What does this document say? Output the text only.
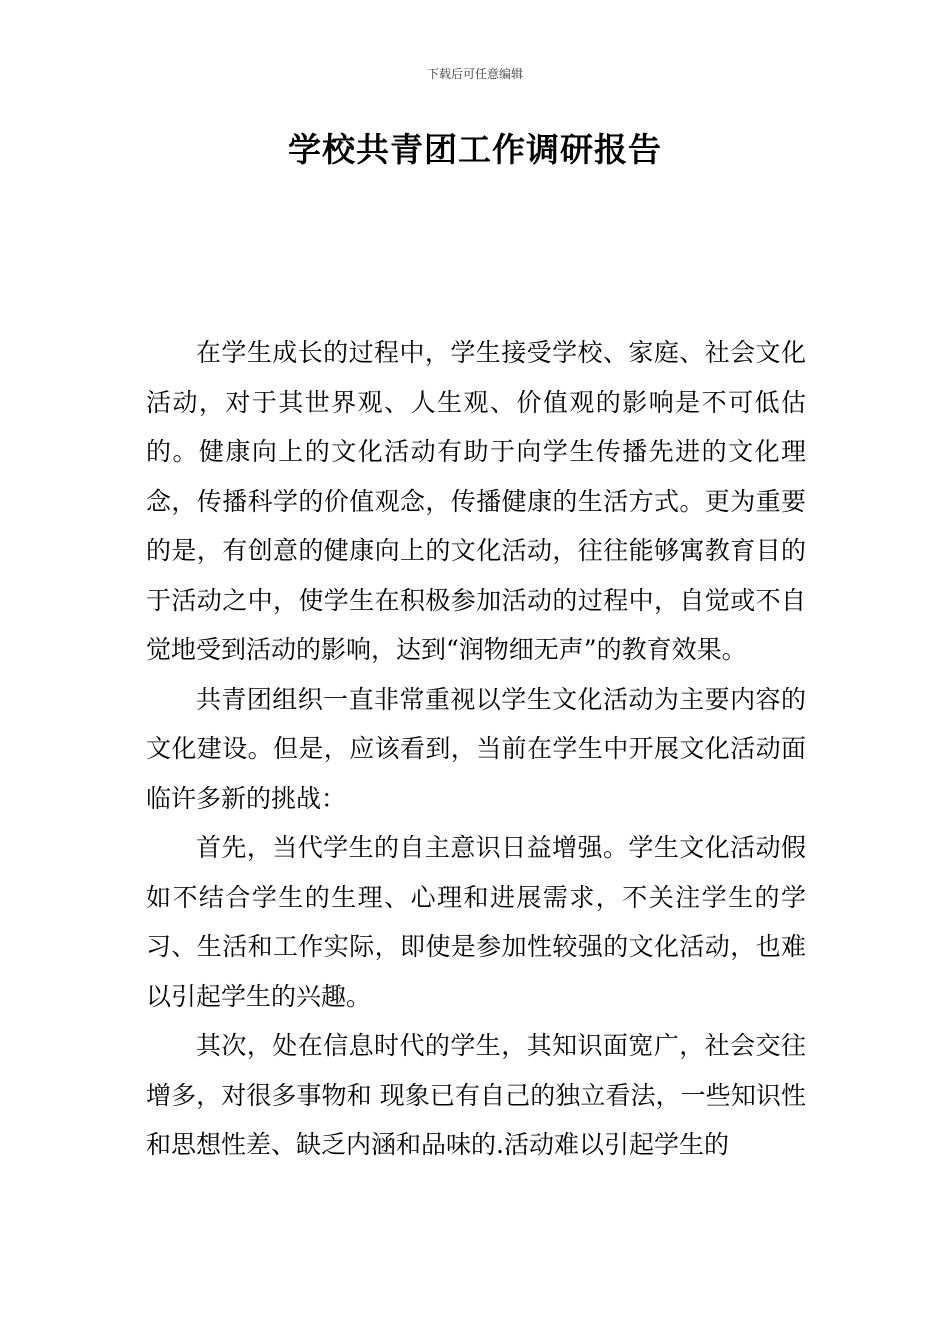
下载后可任意编辑
学校共青团工作调研报告

在学生成长的过程中，学生接受学校、家庭、社会文化活动，对于其世界观、人生观、价值观的影响是不可低估的。健康向上的文化活动有助于向学生传播先进的文化理念，传播科学的价值观念，传播健康的生活方式。更为重要的是，有创意的健康向上的文化活动，往往能够寓教育目的于活动之中，使学生在积极参加活动的过程中，自觉或不自觉地受到活动的影响，达到“润物细无声”的教育效果。

共青团组织一直非常重视以学生文化活动为主要内容的文化建设。但是，应该看到，当前在学生中开展文化活动面临许多新的挑战：

首先，当代学生的自主意识日益增强。学生文化活动假如不结合学生的生理、心理和进展需求，不关注学生的学习、生活和工作实际，即使是参加性较强的文化活动，也难以引起学生的兴趣。

其次，处在信息时代的学生，其知识面宽广，社会交往增多，对很多事物和 现象已有自己的独立看法，一些知识性和思想性差、缺乏内涵和品味的.活动难以引起学生的
